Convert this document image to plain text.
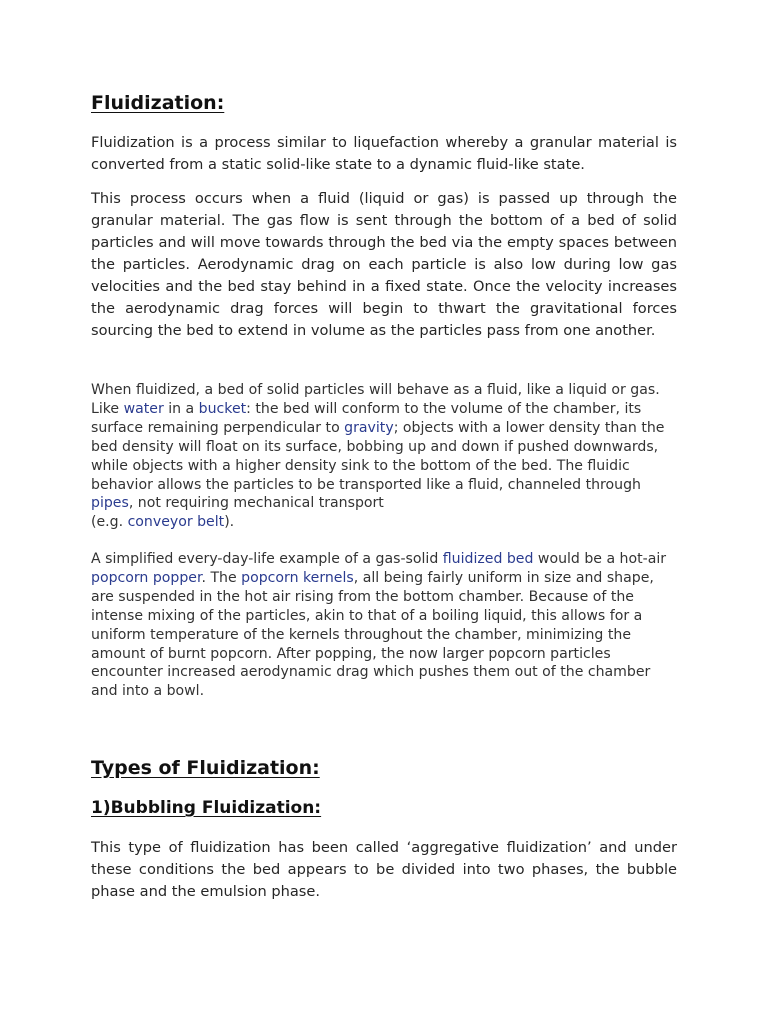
Fluidization:

Fluidization is a process similar to liquefaction whereby a granular material is converted from a static solid-like state to a dynamic fluid-like state.

This process occurs when a fluid (liquid or gas) is passed up through the granular material. The gas flow is sent through the bottom of a bed of solid particles and will move towards through the bed via the empty spaces between the particles. Aerodynamic drag on each particle is also low during low gas velocities and the bed stay behind in a fixed state. Once the velocity increases the aerodynamic drag forces will begin to thwart the gravitational forces sourcing the bed to extend in volume as the particles pass from one another.

When fluidized, a bed of solid particles will behave as a fluid, like a liquid or gas. Like water in a bucket: the bed will conform to the volume of the chamber, its surface remaining perpendicular to gravity; objects with a lower density than the bed density will float on its surface, bobbing up and down if pushed downwards, while objects with a higher density sink to the bottom of the bed. The fluidic behavior allows the particles to be transported like a fluid, channeled through pipes, not requiring mechanical transport
(e.g. conveyor belt).

A simplified every-day-life example of a gas-solid fluidized bed would be a hot-air popcorn popper. The popcorn kernels, all being fairly uniform in size and shape, are suspended in the hot air rising from the bottom chamber. Because of the intense mixing of the particles, akin to that of a boiling liquid, this allows for a uniform temperature of the kernels throughout the chamber, minimizing the amount of burnt popcorn. After popping, the now larger popcorn particles encounter increased aerodynamic drag which pushes them out of the chamber and into a bowl.

Types of Fluidization:
1)Bubbling Fluidization:

This type of fluidization has been called ‘aggregative fluidization’ and under these conditions the bed appears to be divided into two phases, the bubble phase and the emulsion phase.
